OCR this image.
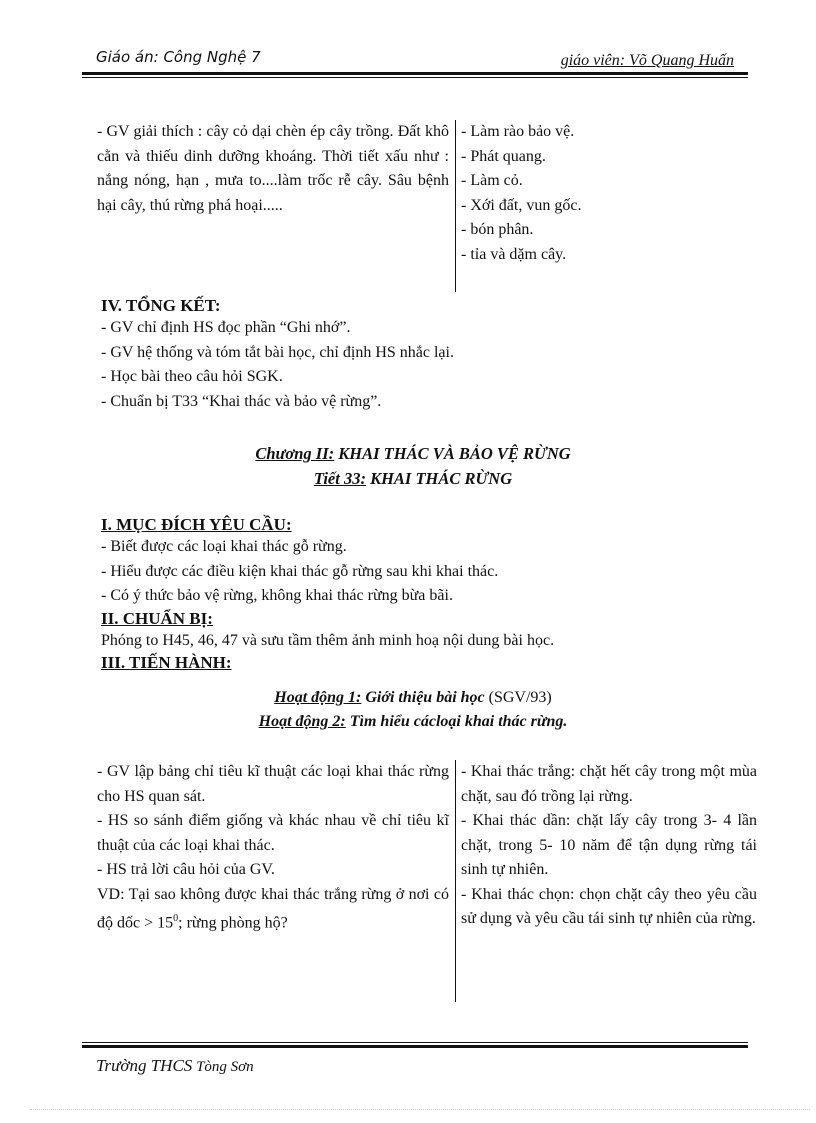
Giáo án: Công Nghệ 7	giáo viên: Võ Quang Huấn
- GV giải thích : cây cỏ dại chèn ép cây trồng. Đất khô cằn và thiếu dinh dưỡng khoáng. Thời tiết xấu như : nắng nóng, hạn , mưa to....làm trốc rễ cây. Sâu bệnh hại cây, thú rừng phá hoại.....
- Làm rào bảo vệ.
- Phát quang.
- Làm cỏ.
- Xới đất, vun gốc.
- bón phân.
- tỉa và dặm cây.
IV. TỔNG KẾT:
- GV chỉ định HS đọc phần “Ghi nhớ”.
- GV hệ thống và tóm tắt bài học, chỉ định HS nhắc lại.
- Học bài theo câu hỏi SGK.
- Chuẩn bị T33 “Khai thác và bảo vệ rừng”.
Chương II: KHAI THÁC VÀ BẢO VỆ RỪNG
Tiết 33: KHAI THÁC RỪNG
I. MỤC ĐÍCH YÊU CẦU:
- Biết được các loại khai thác gỗ rừng.
- Hiểu được các điều kiện khai thác gỗ rừng sau khi khai thác.
- Có ý thức bảo vệ rừng, không khai thác rừng bừa bãi.
II. CHUẨN BỊ:
Phóng to H45, 46, 47 và sưu tầm thêm ảnh minh hoạ nội dung bài học.
III. TIẾN HÀNH:
Hoạt động 1: Giới thiệu bài học (SGV/93)
Hoạt động 2: Tìm hiểu cácloại khai thác rừng.
- GV lập bảng chỉ tiêu kĩ thuật các loại khai thác rừng cho HS quan sát.
- HS so sánh điểm giống và khác nhau về chỉ tiêu kĩ thuật của các loại khai thác.
- HS trả lời câu hỏi của GV.
VD: Tại sao không được khai thác trắng rừng ở nơi có độ dốc > $15^0$; rừng phòng hộ?
- Khai thác trắng: chặt hết cây trong một mùa chặt, sau đó trồng lại rừng.
- Khai thác dần: chặt lấy cây trong 3- 4 lần chặt, trong 5- 10 năm để tận dụng rừng tái sinh tự nhiên.
- Khai thác chọn: chọn chặt cây theo yêu cầu sử dụng và yêu cầu tái sinh tự nhiên của rừng.
Trường THCS Tòng Sơn
